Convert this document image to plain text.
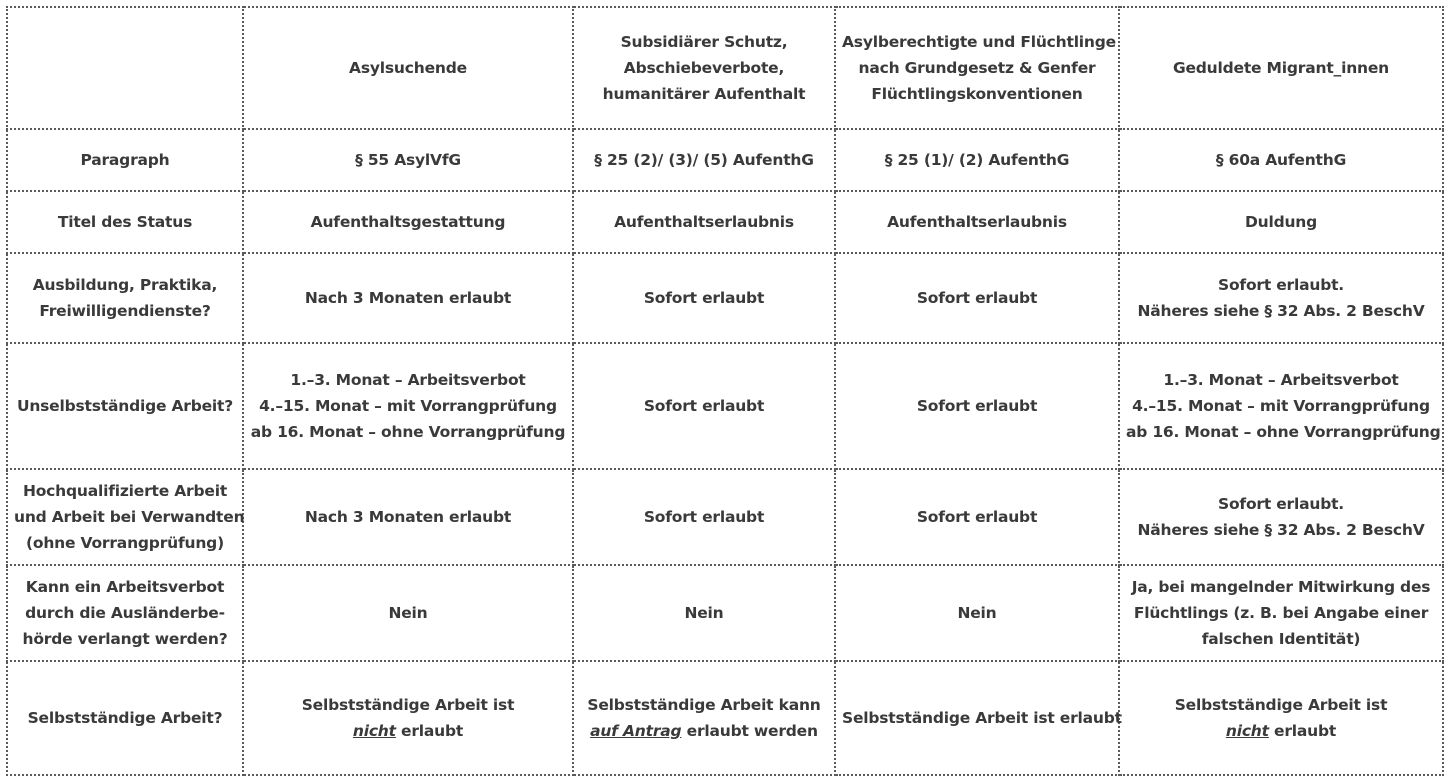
	Asylsuchende	Subsidiärer Schutz,
Abschiebeverbote,
humanitärer Aufenthalt	Asylberechtigte und Flüchtlinge
nach Grundgesetz & Genfer
Flüchtlingskonventionen	Geduldete Migrant_innen

Paragraph	§ 55 AsylVfG	§ 25 (2)/ (3)/ (5) AufenthG	§ 25 (1)/ (2) AufenthG	§ 60a AufenthG

Titel des Status	Aufenthaltsgestattung	Aufenthaltserlaubnis	Aufenthaltserlaubnis	Duldung

Ausbildung, Praktika,
Freiwilligendienste?	Nach 3 Monaten erlaubt	Sofort erlaubt	Sofort erlaubt	Sofort erlaubt.
Näheres siehe § 32 Abs. 2 BeschV

Unselbstständige Arbeit?	1.–3. Monat – Arbeitsverbot
4.–15. Monat – mit Vorrangprüfung
ab 16. Monat – ohne Vorrangprüfung	Sofort erlaubt	Sofort erlaubt	1.–3. Monat – Arbeitsverbot
4.–15. Monat – mit Vorrangprüfung
ab 16. Monat – ohne Vorrangprüfung

Hochqualifizierte Arbeit
und Arbeit bei Verwandten
(ohne Vorrangprüfung)	Nach 3 Monaten erlaubt	Sofort erlaubt	Sofort erlaubt	Sofort erlaubt.
Näheres siehe § 32 Abs. 2 BeschV

Kann ein Arbeitsverbot
durch die Ausländerbe-
hörde verlangt werden?	Nein	Nein	Nein	Ja, bei mangelnder Mitwirkung des
Flüchtlings (z. B. bei Angabe einer
falschen Identität)

Selbstständige Arbeit?	Selbstständige Arbeit ist
nicht erlaubt	Selbstständige Arbeit kann
auf Antrag erlaubt werden	Selbstständige Arbeit ist erlaubt	Selbstständige Arbeit ist
nicht erlaubt
